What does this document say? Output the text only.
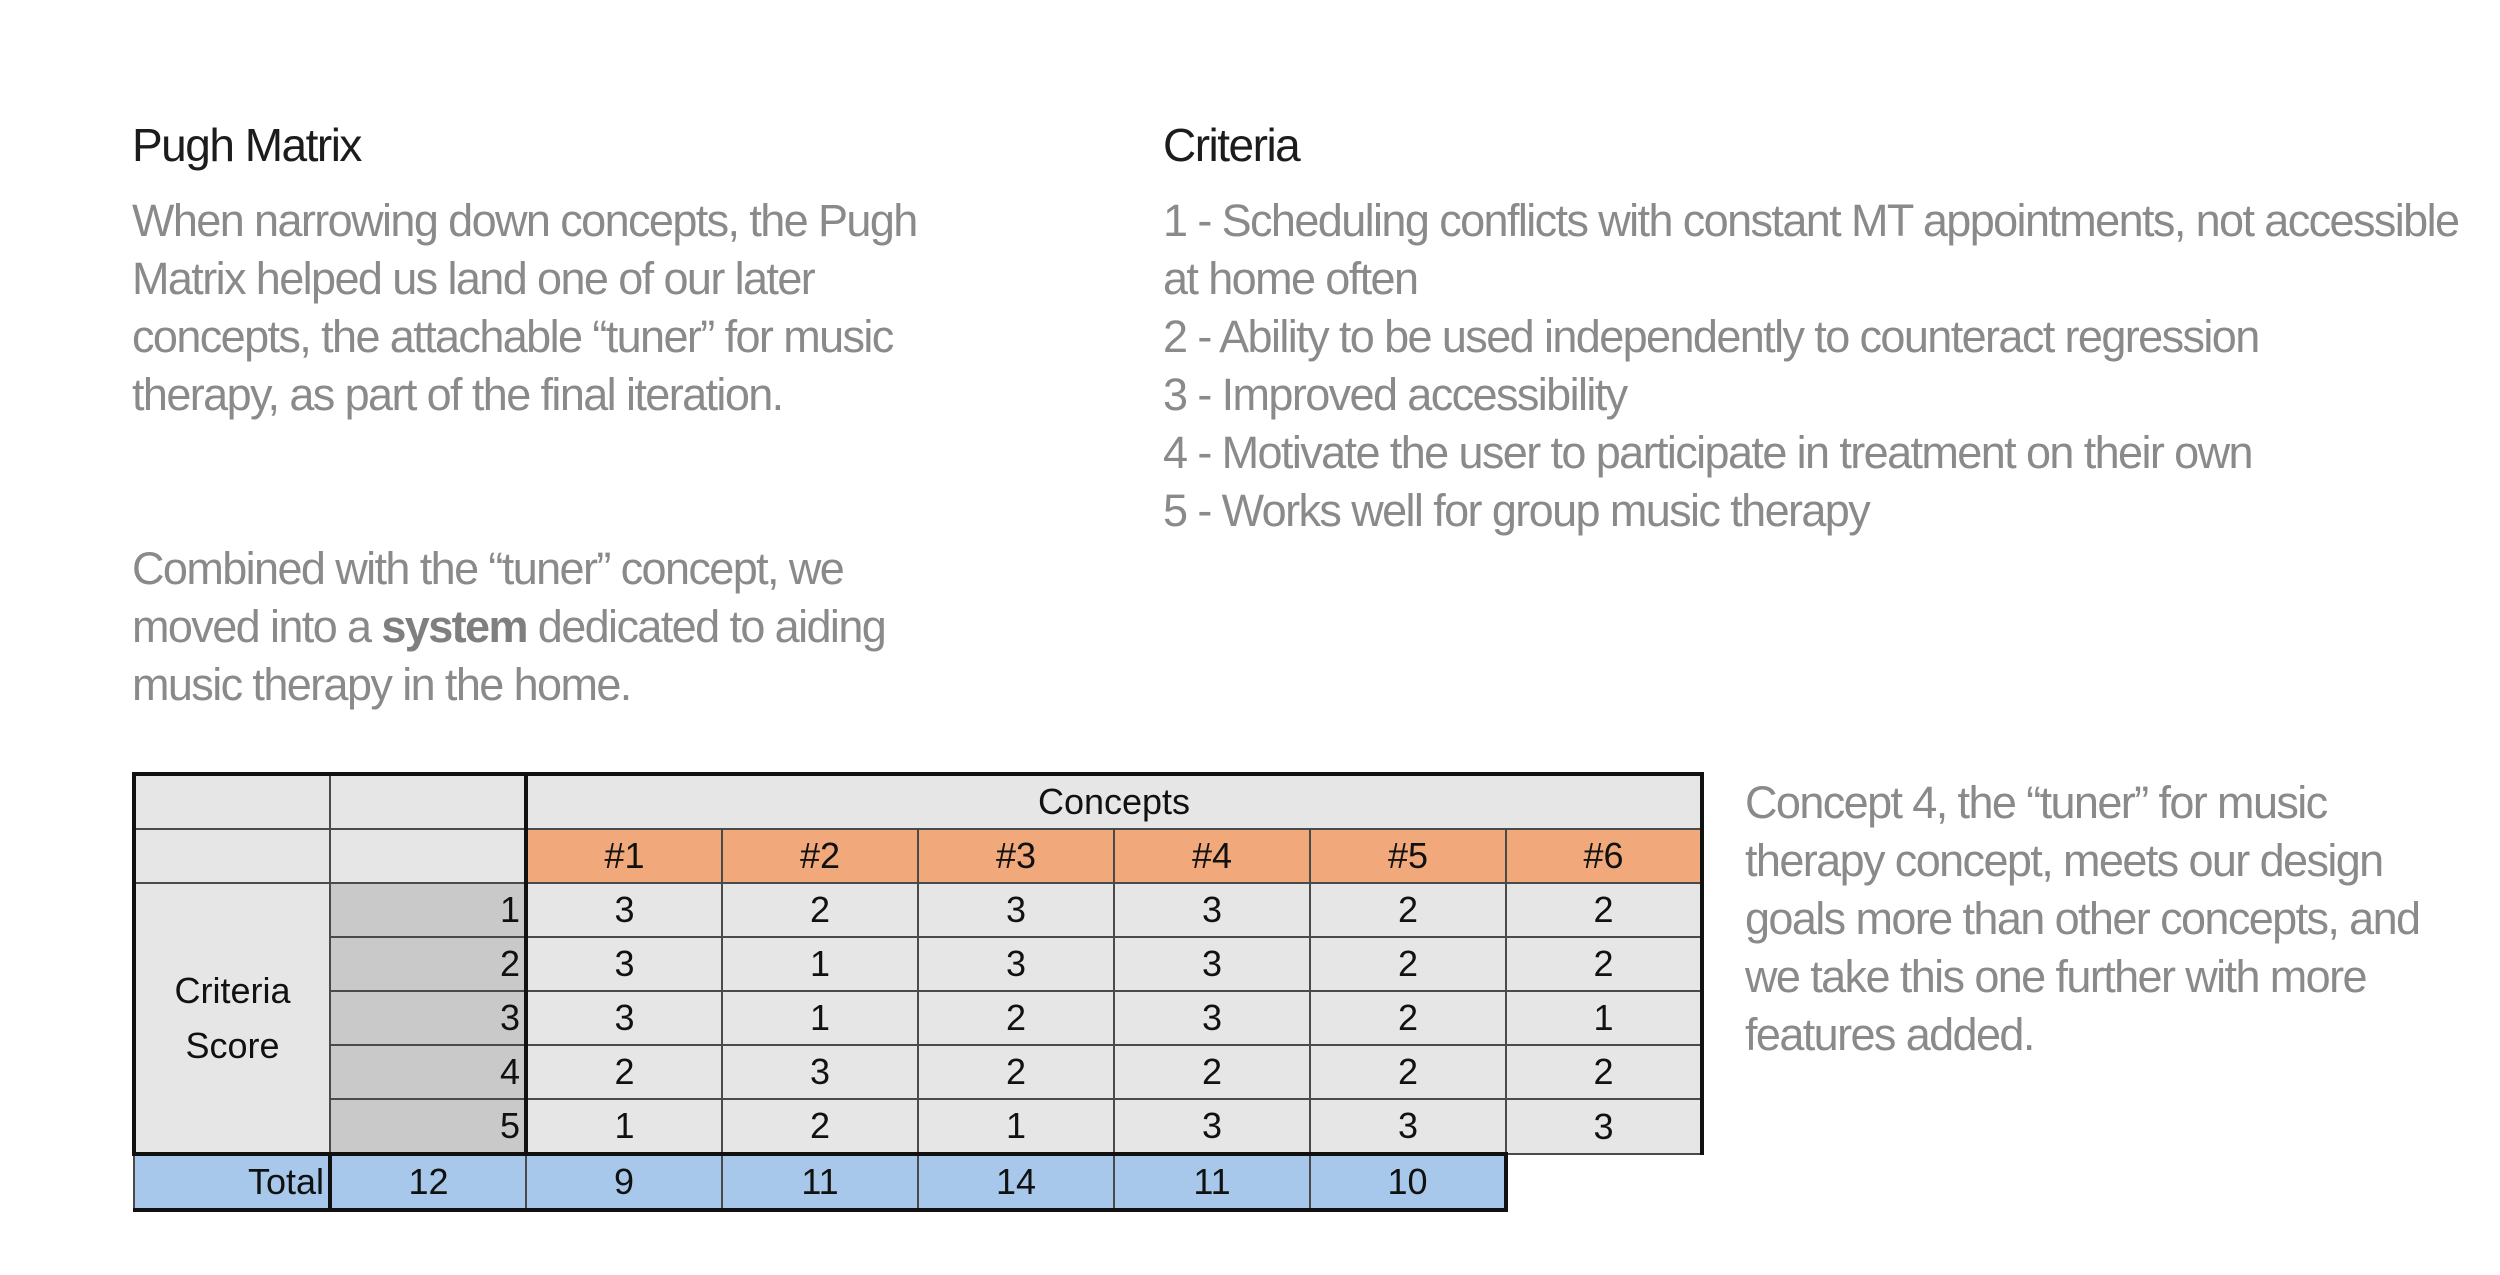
Pugh Matrix

When narrowing down concepts, the Pugh Matrix helped us land one of our later concepts, the attachable “tuner” for music therapy, as part of the final iteration.

Combined with the “tuner” concept, we moved into a system dedicated to aiding music therapy in the home.

Criteria
1 - Scheduling conflicts with constant MT appointments, not accessible at home often
2 - Ability to be used independently to counteract regression
3 - Improved accessibility
4 - Motivate the user to participate in treatment on their own
5 - Works well for group music therapy
		Concepts					
		#1	#2	#3	#4	#5	#6
Criteria
Score	1	3	2	3	3	2	2
	2	3	1	3	3	2	2
	3	3	1	2	3	2	1
	4	2	3	2	2	2	2
	5	1	2	1	3	3	3
Total	12	9	11	14	11	10	

Concept 4, the “tuner” for music therapy concept, meets our design goals more than other concepts, and we take this one further with more features added.
